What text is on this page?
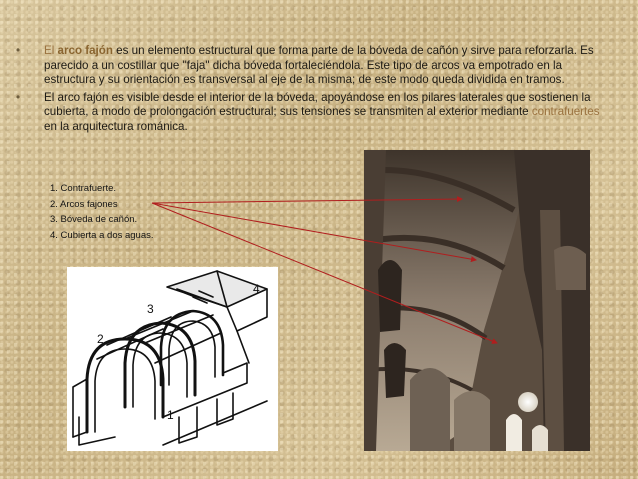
• El arco fajón es un elemento estructural que forma parte de la bóveda de cañón y sirve para reforzarla. Es parecido a un costillar que "faja" dicha bóveda fortaleciéndola. Este tipo de arcos va empotrado en la estructura y su orientación es transversal al eje de la misma; de este modo queda dividida en tramos.
• El arco fajón es visible desde el interior de la bóveda, apoyándose en los pilares laterales que sostienen la cubierta, a modo de prolongación estructural; sus tensiones se transmiten al exterior mediante contrafuertes en la arquitectura románica.
1. Contrafuerte.
2. Arcos fajones
3. Bóveda de cañón.
4. Cubierta a dos aguas.
1
2
3
4
